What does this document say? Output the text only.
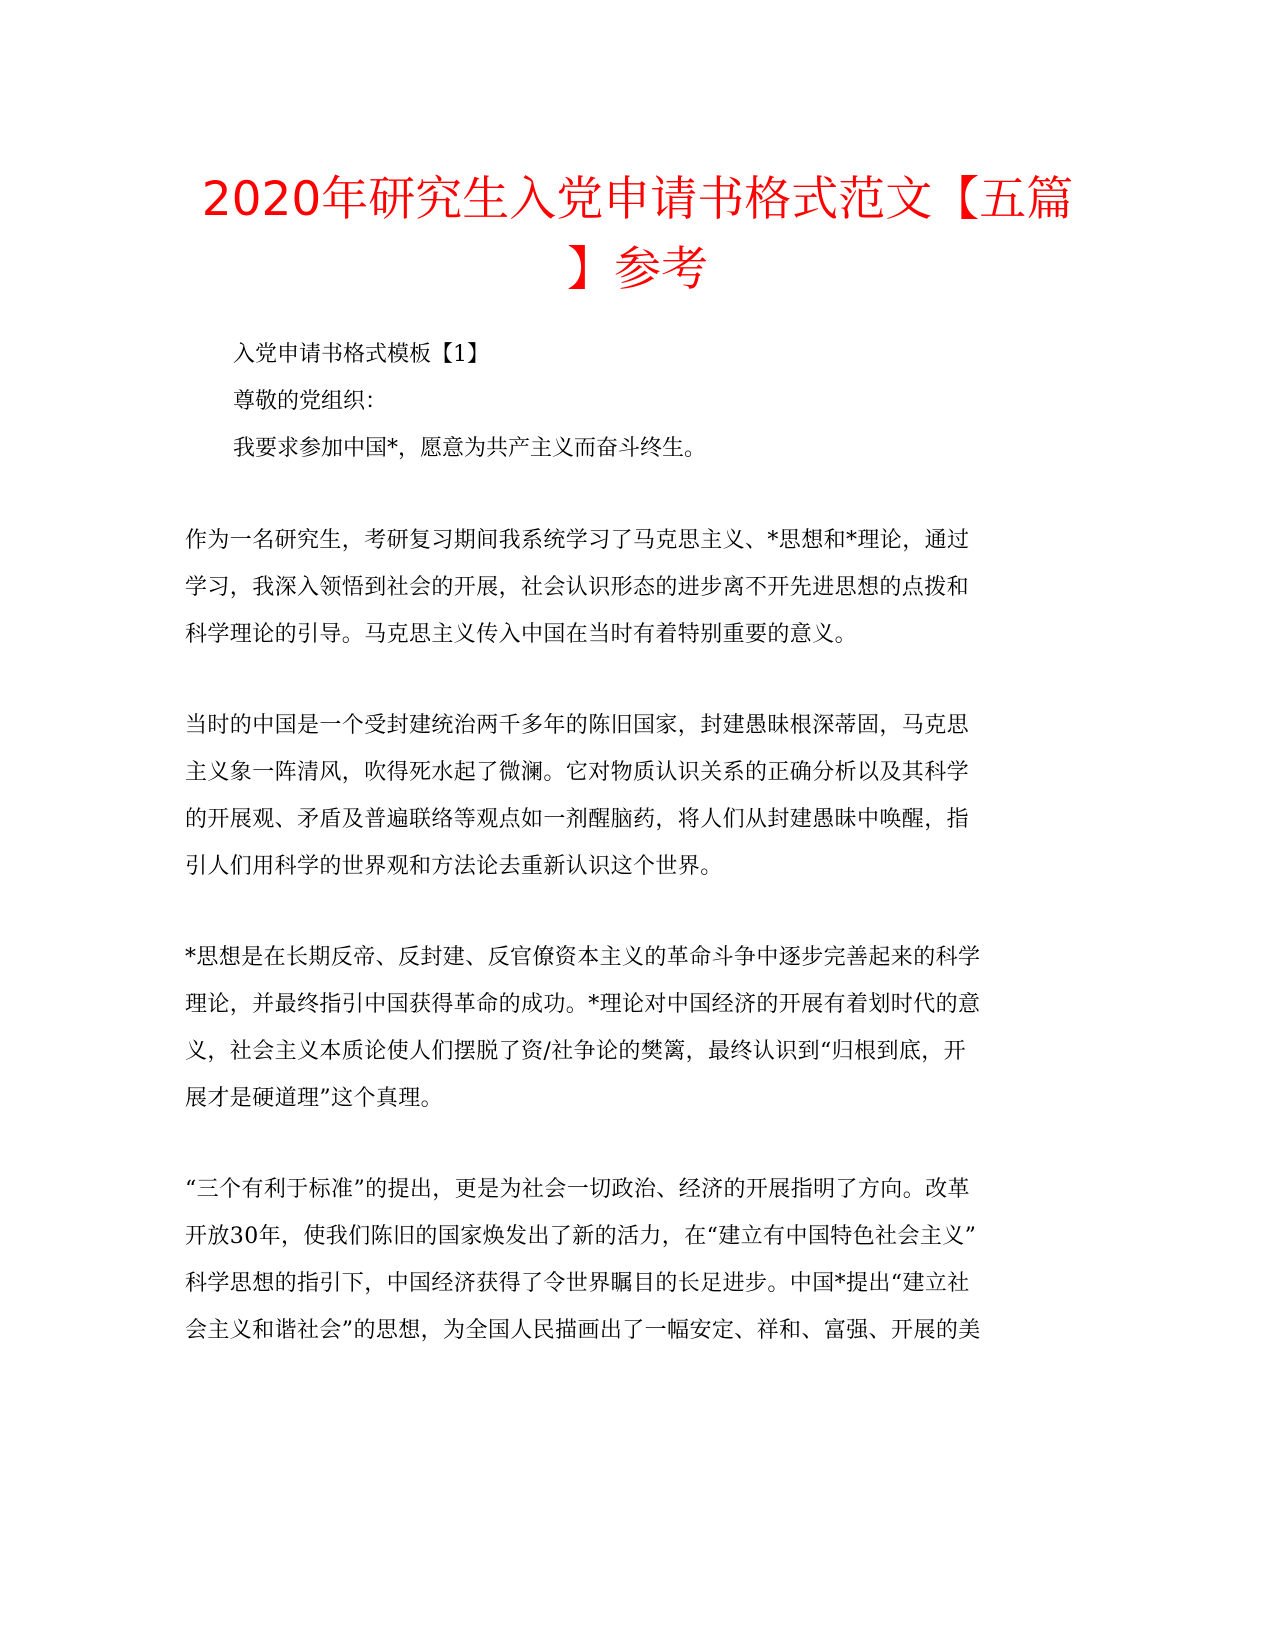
2020年研究生入党申请书格式范文【五篇
】参考
入党申请书格式模板【1】
尊敬的党组织：
我要求参加中国*，愿意为共产主义而奋斗终生。
作为一名研究生，考研复习期间我系统学习了马克思主义、*思想和*理论，通过
学习，我深入领悟到社会的开展，社会认识形态的进步离不开先进思想的点拨和
科学理论的引导。马克思主义传入中国在当时有着特别重要的意义。
当时的中国是一个受封建统治两千多年的陈旧国家，封建愚昧根深蒂固，马克思
主义象一阵清风，吹得死水起了微澜。它对物质认识关系的正确分析以及其科学
的开展观、矛盾及普遍联络等观点如一剂醒脑药，将人们从封建愚昧中唤醒，指
引人们用科学的世界观和方法论去重新认识这个世界。
*思想是在长期反帝、反封建、反官僚资本主义的革命斗争中逐步完善起来的科学
理论，并最终指引中国获得革命的成功。*理论对中国经济的开展有着划时代的意
义，社会主义本质论使人们摆脱了资/社争论的樊篱，最终认识到“归根到底，开
展才是硬道理”这个真理。
“三个有利于标准”的提出，更是为社会一切政治、经济的开展指明了方向。改革
开放30年，使我们陈旧的国家焕发出了新的活力，在“建立有中国特色社会主义”
科学思想的指引下，中国经济获得了令世界瞩目的长足进步。中国*提出“建立社
会主义和谐社会”的思想，为全国人民描画出了一幅安定、祥和、富强、开展的美
